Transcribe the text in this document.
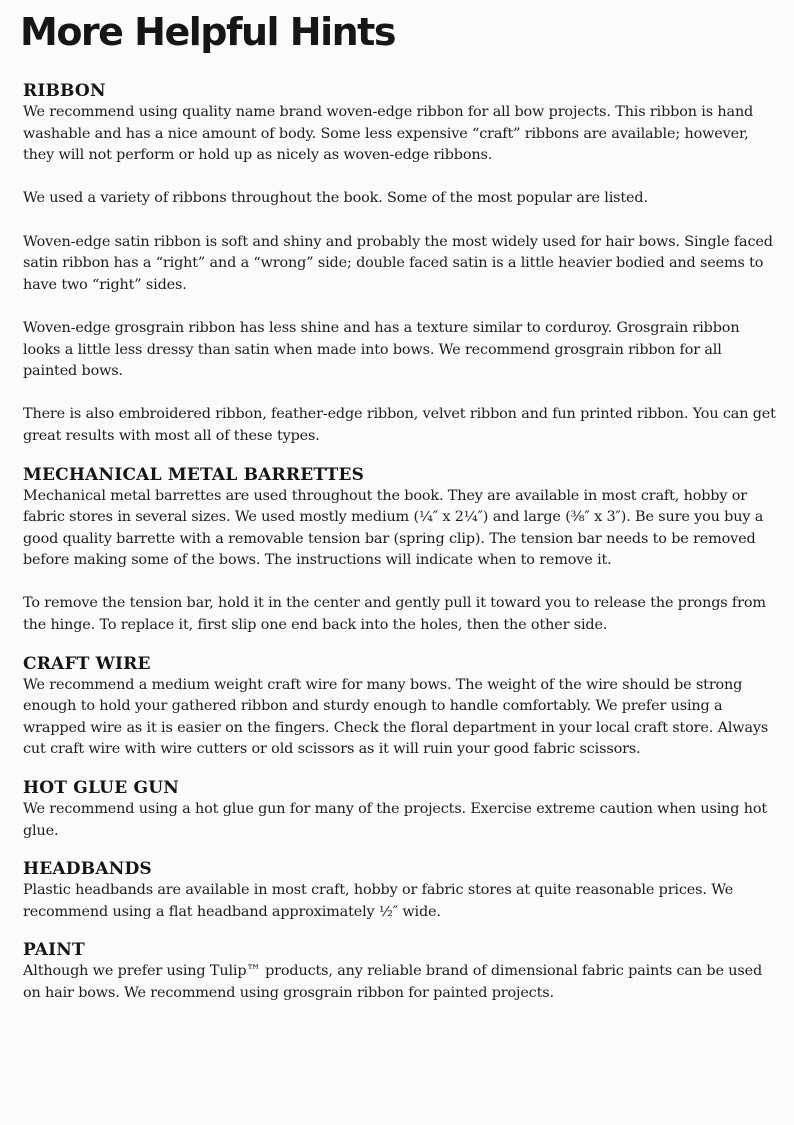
More Helpful Hints
RIBBON

We recommend using quality name brand woven-edge ribbon for all bow projects. This ribbon is hand washable and has a nice amount of body. Some less expensive “craft” ribbons are available; however, they will not perform or hold up as nicely as woven-edge ribbons.

We used a variety of ribbons throughout the book. Some of the most popular are listed.

Woven-edge satin ribbon is soft and shiny and probably the most widely used for hair bows. Single faced satin ribbon has a “right” and a “wrong” side; double faced satin is a little heavier bodied and seems to have two “right” sides.

Woven-edge grosgrain ribbon has less shine and has a texture similar to corduroy. Grosgrain ribbon looks a little less dressy than satin when made into bows. We recommend grosgrain ribbon for all painted bows.

There is also embroidered ribbon, feather-edge ribbon, velvet ribbon and fun printed ribbon. You can get great results with most all of these types.

MECHANICAL METAL BARRETTES

Mechanical metal barrettes are used throughout the book. They are available in most craft, hobby or fabric stores in several sizes. We used mostly medium (¼″ x 2¼″) and large (⅜″ x 3″). Be sure you buy a good quality barrette with a removable tension bar (spring clip). The tension bar needs to be removed before making some of the bows. The instructions will indicate when to remove it.

To remove the tension bar, hold it in the center and gently pull it toward you to release the prongs from the hinge. To replace it, first slip one end back into the holes, then the other side.

CRAFT WIRE

We recommend a medium weight craft wire for many bows. The weight of the wire should be strong enough to hold your gathered ribbon and sturdy enough to handle comfortably. We prefer using a wrapped wire as it is easier on the fingers. Check the floral department in your local craft store. Always cut craft wire with wire cutters or old scissors as it will ruin your good fabric scissors.

HOT GLUE GUN

We recommend using a hot glue gun for many of the projects. Exercise extreme caution when using hot glue.

HEADBANDS

Plastic headbands are available in most craft, hobby or fabric stores at quite reasonable prices. We recommend using a flat headband approximately ½″ wide.

PAINT

Although we prefer using Tulip™ products, any reliable brand of dimensional fabric paints can be used on hair bows. We recommend using grosgrain ribbon for painted projects.
